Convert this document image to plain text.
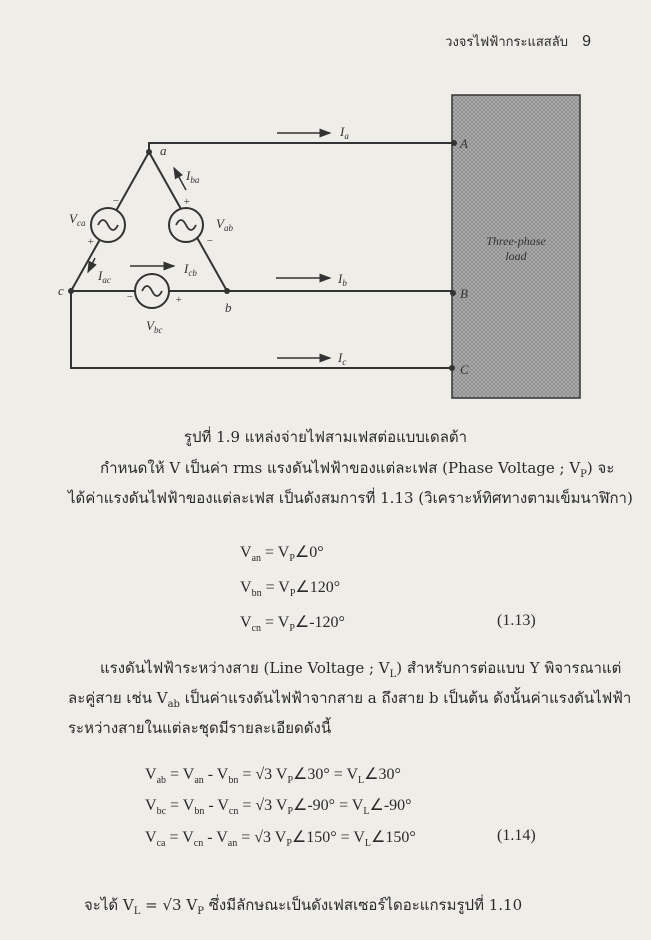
วงจรไฟฟ้ากระแสสลับ 9
Three-phase
load
a
c
b
A
B
C
$V_{ca}$	$V_{ab}$
$V_{bc}$
$I_a$
$I_b$
$I_c$
$I_{ba}$
$I_{ac}$
$I_{cb}$
−
+
+
−
−	+
รูปที่ 1.9 แหล่งจ่ายไฟสามเฟสต่อแบบเดลต้า
กำหนดให้ V เป็นค่า rms แรงดันไฟฟ้าของแต่ละเฟส (Phase Voltage ; $V_P$) จะ
ได้ค่าแรงดันไฟฟ้าของแต่ละเฟส เป็นดังสมการที่ 1.13 (วิเคราะห์ทิศทางตามเข็มนาฬิกา)
$V_{an}$ = $V_P\angle 0^\circ$
$V_{bn}$ = $V_P\angle 120^\circ$
$V_{cn}$ = $V_P\angle-120^\circ$	(1.13)
แรงดันไฟฟ้าระหว่างสาย (Line Voltage ; $V_L$) สำหรับการต่อแบบ Y พิจารณาแต่
ละคู่สาย เช่น $V_{ab}$ เป็นค่าแรงดันไฟฟ้าจากสาย a ถึงสาย b เป็นต้น ดังนั้นค่าแรงดันไฟฟ้า
ระหว่างสายในแต่ละชุดมีรายละเอียดดังนี้
$V_{ab} = V_{an} - V_{bn} = √3$ $V_P\angle 30^\circ$ = $V_L\angle 30^\circ$
$V_{bc} = V_{bn} - V_{cn} = √3$ $V_P\angle-90^\circ$ = $V_L\angle-90^\circ$
$V_{ca} = V_{cn} - V_{an} = √3$ $V_P\angle 150^\circ$ = $V_L\angle 150^\circ$	(1.14)
จะได้ $V_L = √3$ $V_P$ ซึ่งมีลักษณะเป็นดังเฟสเซอร์ไดอะแกรมรูปที่ 1.10
